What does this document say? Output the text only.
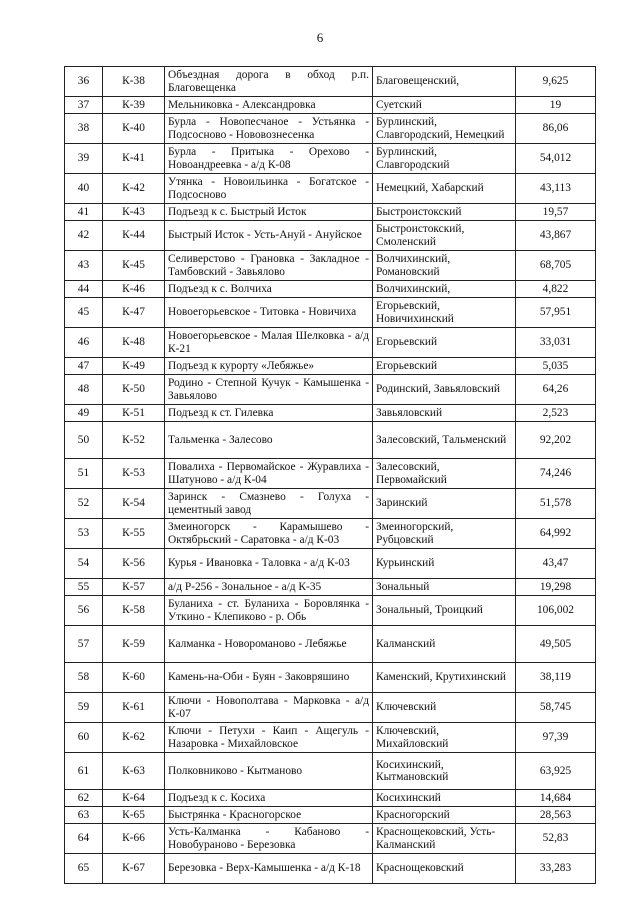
6
36	К-38	Объездная дорога в обход р.п. Благовещенка	Благовещенский,	9,625
37	К-39	Мельниковка - Александровка	Суетский	19
38	К-40	Бурла - Новопесчаное - Устьянка - Подсосново - Нововознесенка	Бурлинский, Славгородский, Немецкий	86,06
39	К-41	Бурла - Притыка - Орехово - Новоандреевка - а/д К-08	Бурлинский, Славгородский	54,012
40	К-42	Утянка - Новоильинка - Богатское - Подсосново	Немецкий, Хабарский	43,113
41	К-43	Подъезд к с. Быстрый Исток	Быстроистокский	19,57
42	К-44	Быстрый Исток - Усть-Ануй - Ануйское	Быстроистокский, Смоленский	43,867
43	К-45	Селиверстово - Грановка - Закладное - Тамбовский - Завьялово	Волчихинский, Романовский	68,705
44	К-46	Подъезд к с. Волчиха	Волчихинский,	4,822
45	К-47	Новоегорьевское - Титовка - Новичиха	Егорьевский, Новичихинский	57,951
46	К-48	Новоегорьевское - Малая Шелковка - а/д К-21	Егорьевский	33,031
47	К-49	Подъезд к курорту «Лебяжье»	Егорьевский	5,035
48	К-50	Родино - Степной Кучук - Камышенка - Завьялово	Родинский, Завьяловский	64,26
49	К-51	Подъезд к ст. Гилевка	Завьяловский	2,523
50	К-52	Тальменка - Залесово	Залесовский, Тальменский	92,202
51	К-53	Повалиха - Первомайское - Журавлиха - Шатуново - а/д К-04	Залесовский, Первомайский	74,246
52	К-54	Заринск - Смазнево - Голуха - цементный завод	Заринский	51,578
53	К-55	Змеиногорск - Карамышево - Октябрьский - Саратовка - а/д К-03	Змеиногорский, Рубцовский	64,992
54	К-56	Курья - Ивановка - Таловка - а/д К-03	Курьинский	43,47
55	К-57	а/д Р-256 - Зональное - а/д К-35	Зональный	19,298
56	К-58	Буланиха - ст. Буланиха - Боровлянка - Уткино - Клепиково - р. Обь	Зональный, Троицкий	106,002
57	К-59	Калманка - Новороманово - Лебяжье	Калманский	49,505
58	К-60	Камень-на-Оби - Буян - Заковряшино	Каменский, Крутихинский	38,119
59	К-61	Ключи - Новополтава - Марковка - а/д К-07	Ключевский	58,745
60	К-62	Ключи - Петухи - Каип - Ащегуль - Назаровка - Михайловское	Ключевский, Михайловский	97,39
61	К-63	Полковниково - Кытманово	Косихинский, Кытмановский	63,925
62	К-64	Подъезд к с. Косиха	Косихинский	14,684
63	К-65	Быстрянка - Красногорское	Красногорский	28,563
64	К-66	Усть-Калманка - Кабаново - Новобураново - Березовка	Краснощековский, Усть-Калманский	52,83
65	К-67	Березовка - Верх-Камышенка - а/д К-18	Краснощековский	33,283
